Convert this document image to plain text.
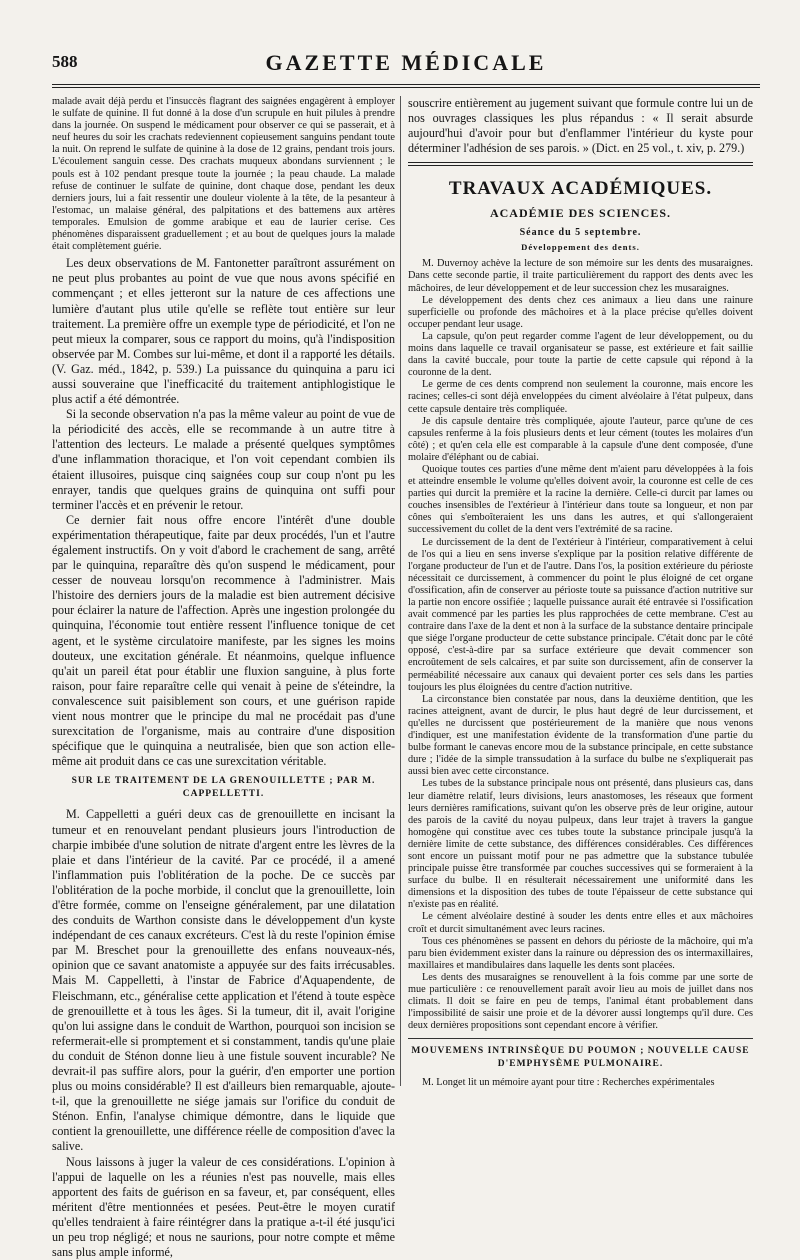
588	GAZETTE MÉDICALE

malade avait déjà perdu et l'insuccès flagrant des saignées engagèrent à employer le sulfate de quinine. Il fut donné à la dose d'un scrupule en huit pilules à prendre dans la journée. On suspend le médicament pour observer ce qui se passerait, et à neuf heures du soir les crachats redeviennent copieusement sanguins pendant toute la nuit. On reprend le sulfate de quinine à la dose de 12 grains, pendant trois jours. L'écoulement sanguin cesse. Des crachats muqueux abondans surviennent ; le pouls est à 102 pendant presque toute la journée ; la peau chaude. La malade refuse de continuer le sulfate de quinine, dont chaque dose, pendant les deux derniers jours, lui a fait ressentir une douleur violente à la tête, de la pesanteur à l'estomac, un malaise général, des palpitations et des battemens aux artères temporales. Emulsion de gomme arabique et eau de laurier cerise. Ces phénomènes disparaissent graduellement ; et au bout de quelques jours la malade était complètement guérie.

Les deux observations de M. Fantonetter paraîtront assurément on ne peut plus probantes au point de vue que nous avons spécifié en commençant ; et elles jetteront sur la nature de ces affections une lumière d'autant plus utile qu'elle se reflète tout entière sur leur traitement. La première offre un exemple type de périodicité, et l'on ne peut mieux la comparer, sous ce rapport du moins, qu'à l'indisposition observée par M. Combes sur lui-même, et dont il a rapporté les détails. (V. Gaz. méd., 1842, p. 539.) La puissance du quinquina a paru ici aussi souveraine que l'inefficacité du traitement antiphlogistique le plus actif a été démontrée.

Si la seconde observation n'a pas la même valeur au point de vue de la périodicité des accès, elle se recommande à un autre titre à l'attention des lecteurs. Le malade a présenté quelques symptômes d'une inflammation thoracique, et l'on voit cependant combien ils étaient illusoires, puisque cinq saignées coup sur coup n'ont pu les enrayer, tandis que quelques grains de quinquina ont suffi pour terminer l'accès et en prévenir le retour.

Ce dernier fait nous offre encore l'intérêt d'une double expérimentation thérapeutique, faite par deux procédés, l'un et l'autre également instructifs. On y voit d'abord le crachement de sang, arrêté par le quinquina, reparaître dès qu'on suspend le médicament, pour cesser de nouveau lorsqu'on recommence à l'administrer. Mais l'histoire des derniers jours de la maladie est bien autrement décisive pour éclairer la nature de l'affection. Après une ingestion prolongée du quinquina, l'économie tout entière ressent l'influence tonique de cet agent, et le système circulatoire manifeste, par les signes les moins douteux, une excitation générale. Et néanmoins, quelque influence qu'ait un pareil état pour établir une fluxion sanguine, à plus forte raison, pour faire reparaître celle qui venait à peine de s'éteindre, la convalescence suit paisiblement son cours, et une guérison rapide vient nous montrer que le principe du mal ne procédait pas d'une surexcitation de l'organisme, mais au contraire d'une disposition spécifique que le quinquina a neutralisée, bien que son action elle-même ait produit dans ce cas une surexcitation véritable.

SUR LE TRAITEMENT DE LA GRENOUILLETTE ; PAR M. CAPPELLETTI.

M. Cappelletti a guéri deux cas de grenouillette en incisant la tumeur et en renouvelant pendant plusieurs jours l'introduction de charpie imbibée d'une solution de nitrate d'argent entre les lèvres de la plaie et dans l'intérieur de la cavité. Par ce procédé, il a amené l'inflammation puis l'oblitération de la poche. De ce succès par l'oblitération de la poche morbide, il conclut que la grenouillette, loin d'être formée, comme on l'enseigne généralement, par une dilatation des conduits de Warthon consiste dans le développement d'un kyste indépendant de ces canaux excréteurs. C'est là du reste l'opinion émise par M. Breschet pour la grenouillette des enfans nouveaux-nés, opinion que ce savant anatomiste a appuyée sur des faits irrécusables. Mais M. Cappelletti, à l'instar de Fabrice d'Aquapendente, de Fleischmann, etc., généralise cette application et l'étend à toute espèce de grenouillette et à tous les âges. Si la tumeur, dit il, avait l'origine qu'on lui assigne dans le conduit de Warthon, pourquoi son incision se refermerait-elle si promptement et si constamment, tandis qu'une plaie du conduit de Sténon donne lieu à une fistule souvent incurable? Ne devrait-il pas suffire alors, pour la guérir, d'en emporter une portion plus ou moins considérable? Il est d'ailleurs bien remarquable, ajoute-t-il, que la grenouillette ne siége jamais sur l'orifice du conduit de Sténon. Enfin, l'analyse chimique démontre, dans le liquide que contient la grenouillette, une différence réelle de composition d'avec la salive.

Nous laissons à juger la valeur de ces considérations. L'opinion à l'appui de laquelle on les a réunies n'est pas nouvelle, mais elles apportent des faits de guérison en sa faveur, et, par conséquent, elles méritent d'être mentionnées et pesées. Peut-être le moyen curatif qu'elles tendraient à faire réintégrer dans la pratique a-t-il été jusqu'ici un peu trop négligé; et nous ne saurions, pour notre compte et même sans plus ample informé,

souscrire entièrement au jugement suivant que formule contre lui un de nos ouvrages classiques les plus répandus : « Il serait absurde aujourd'hui d'avoir pour but d'enflammer l'intérieur du kyste pour déterminer l'adhésion de ses parois. » (Dict. en 25 vol., t. xiv, p. 279.)

TRAVAUX ACADÉMIQUES.
ACADÉMIE DES SCIENCES.
Séance du 5 septembre.
Développement des dents.

M. Duvernoy achève la lecture de son mémoire sur les dents des musaraignes. Dans cette seconde partie, il traite particulièrement du rapport des dents avec les mâchoires, de leur développement et de leur succession chez les musaraignes.

Le développement des dents chez ces animaux a lieu dans une rainure superficielle ou profonde des mâchoires et à la place précise qu'elles doivent occuper pendant leur usage.

La capsule, qu'on peut regarder comme l'agent de leur développement, ou du moins dans laquelle ce travail organisateur se passe, est extérieure et fait saillie dans la cavité buccale, pour toute la partie de cette capsule qui répond à la couronne de la dent.

Le germe de ces dents comprend non seulement la couronne, mais encore les racines; celles-ci sont déjà enveloppées du ciment alvéolaire à l'état pulpeux, dans cette capsule dentaire très compliquée.

Je dis capsule dentaire très compliquée, ajoute l'auteur, parce qu'une de ces capsules renferme à la fois plusieurs dents et leur cément (toutes les molaires d'un côté) ; et qu'en cela elle est comparable à la capsule d'une dent composée, d'une molaire d'éléphant ou de cabiai.

Quoique toutes ces parties d'une même dent m'aient paru développées à la fois et atteindre ensemble le volume qu'elles doivent avoir, la couronne est celle de ces parties qui durcit la première et la racine la dernière. Celle-ci durcit par lames ou couches insensibles de l'extérieur à l'intérieur dans toute sa longueur, et non par cônes qui s'emboîteraient les uns dans les autres, et qui s'allongeraient successivement du collet de la dent vers l'extrémité de sa racine.

Le durcissement de la dent de l'extérieur à l'intérieur, comparativement à celui de l'os qui a lieu en sens inverse s'explique par la position relative différente de l'organe producteur de l'un et de l'autre. Dans l'os, la position extérieure du périoste nécessitait ce durcissement, à commencer du point le plus éloigné de cet organe d'ossification, afin de conserver au périoste toute sa puissance d'action nutritive sur la partie non encore ossifiée ; laquelle puissance aurait été entravée si l'ossification avait commencé par les parties les plus rapprochées de cette membrane. C'est au contraire dans l'axe de la dent et non à la surface de la substance dentaire principale que siége l'organe producteur de cette substance principale. C'était donc par le côté opposé, c'est-à-dire par sa surface extérieure que devait commencer son encroûtement de sels calcaires, et par suite son durcissement, afin de conserver la perméabilité nécessaire aux canaux qui devaient porter ces sels dans les parties toujours les plus éloignées du centre d'action nutritive.

La circonstance bien constatée par nous, dans la deuxième dentition, que les racines atteignent, avant de durcir, le plus haut degré de leur durcissement, et qu'elles ne durcissent que postérieurement de la manière que nous venons d'indiquer, est une manifestation évidente de la transformation d'une partie du bulbe formant le canevas encore mou de la substance principale, en cette substance dure ; l'idée de la simple transsudation à la surface du bulbe ne s'expliquerait pas aussi bien avec cette circonstance.

Les tubes de la substance principale nous ont présenté, dans plusieurs cas, dans leur diamètre relatif, leurs divisions, leurs anastomoses, les réseaux que forment leurs dernières ramifications, suivant qu'on les observe près de leur origine, autour des parois de la cavité du noyau pulpeux, dans leur trajet à travers la gangue homogène qui constitue avec ces tubes toute la substance principale jusqu'à la dernière limite de cette substance, des différences considérables. Ces différences sont encore un puissant motif pour ne pas admettre que la substance tubulée principale puisse être transformée par couches successives qui se formeraient à la surface du bulbe. Il en résulterait nécessairement une uniformité dans les dimensions et la disposition des tubes de toute l'épaisseur de cette substance qui n'existe pas en réalité.

Le cément alvéolaire destiné à souder les dents entre elles et aux mâchoires croît et durcit simultanément avec leurs racines.

Tous ces phénomènes se passent en dehors du périoste de la mâchoire, qui m'a paru bien évidemment exister dans la rainure ou dépression des os intermaxillaires, maxillaires et mandibulaires dans laquelle les dents sont placées.

Les dents des musaraignes se renouvellent à la fois comme par une sorte de mue particulière : ce renouvellement paraît avoir lieu au mois de juillet dans nos climats. Il doit se faire en peu de temps, l'animal étant probablement dans l'impossibilité de saisir une proie et de la dévorer aussi longtemps qu'il dure. Ces deux dernières propositions sont cependant encore à vérifier.

MOUVEMENS INTRINSÈQUE DU POUMON ; NOUVELLE CAUSE D'EMPHYSÈME PULMONAIRE.

M. Longet lit un mémoire ayant pour titre : Recherches expérimentales
